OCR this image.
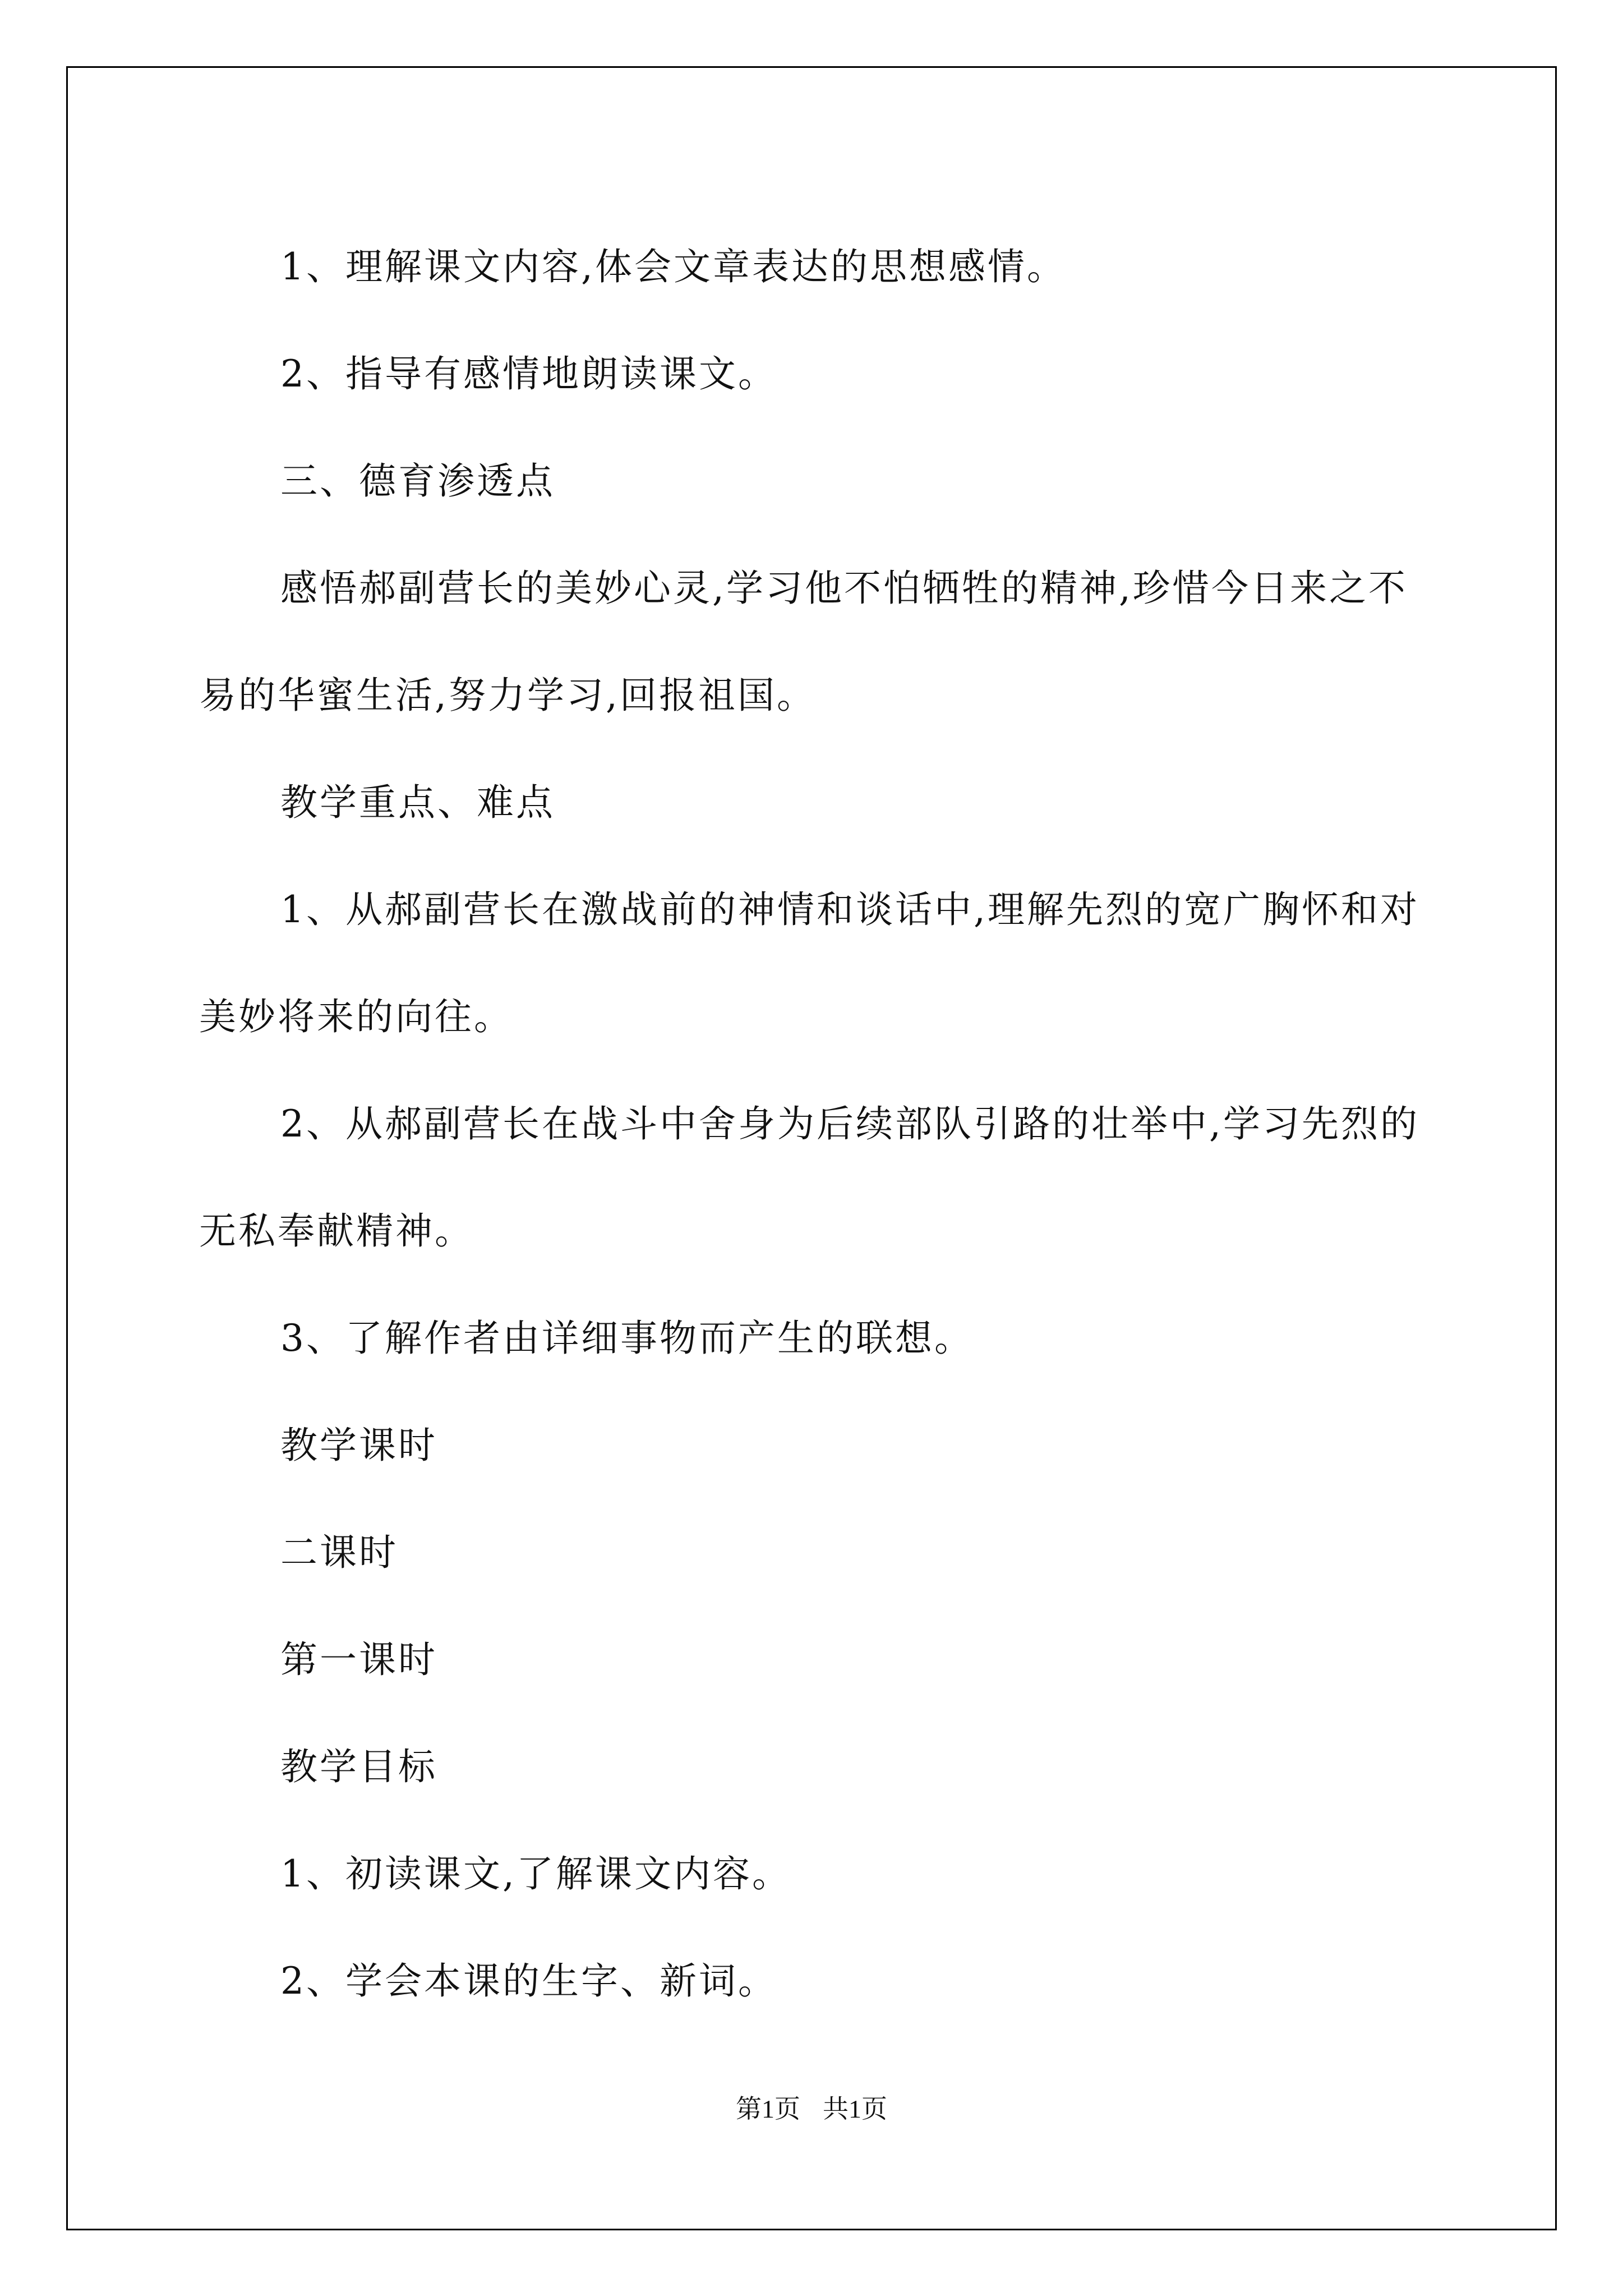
1、理解课文内容,体会文章表达的思想感情。

2、指导有感情地朗读课文。

三、德育渗透点

感悟郝副营长的美妙心灵,学习他不怕牺牲的精神,珍惜今日来之不易的华蜜生活,努力学习,回报祖国。

教学重点、难点

1、从郝副营长在激战前的神情和谈话中,理解先烈的宽广胸怀和对美妙将来的向往。

2、从郝副营长在战斗中舍身为后续部队引路的壮举中,学习先烈的无私奉献精神。

3、了解作者由详细事物而产生的联想。

教学课时

二课时

第一课时

教学目标

1、初读课文,了解课文内容。

2、学会本课的生字、新词。

第1页 共1页
